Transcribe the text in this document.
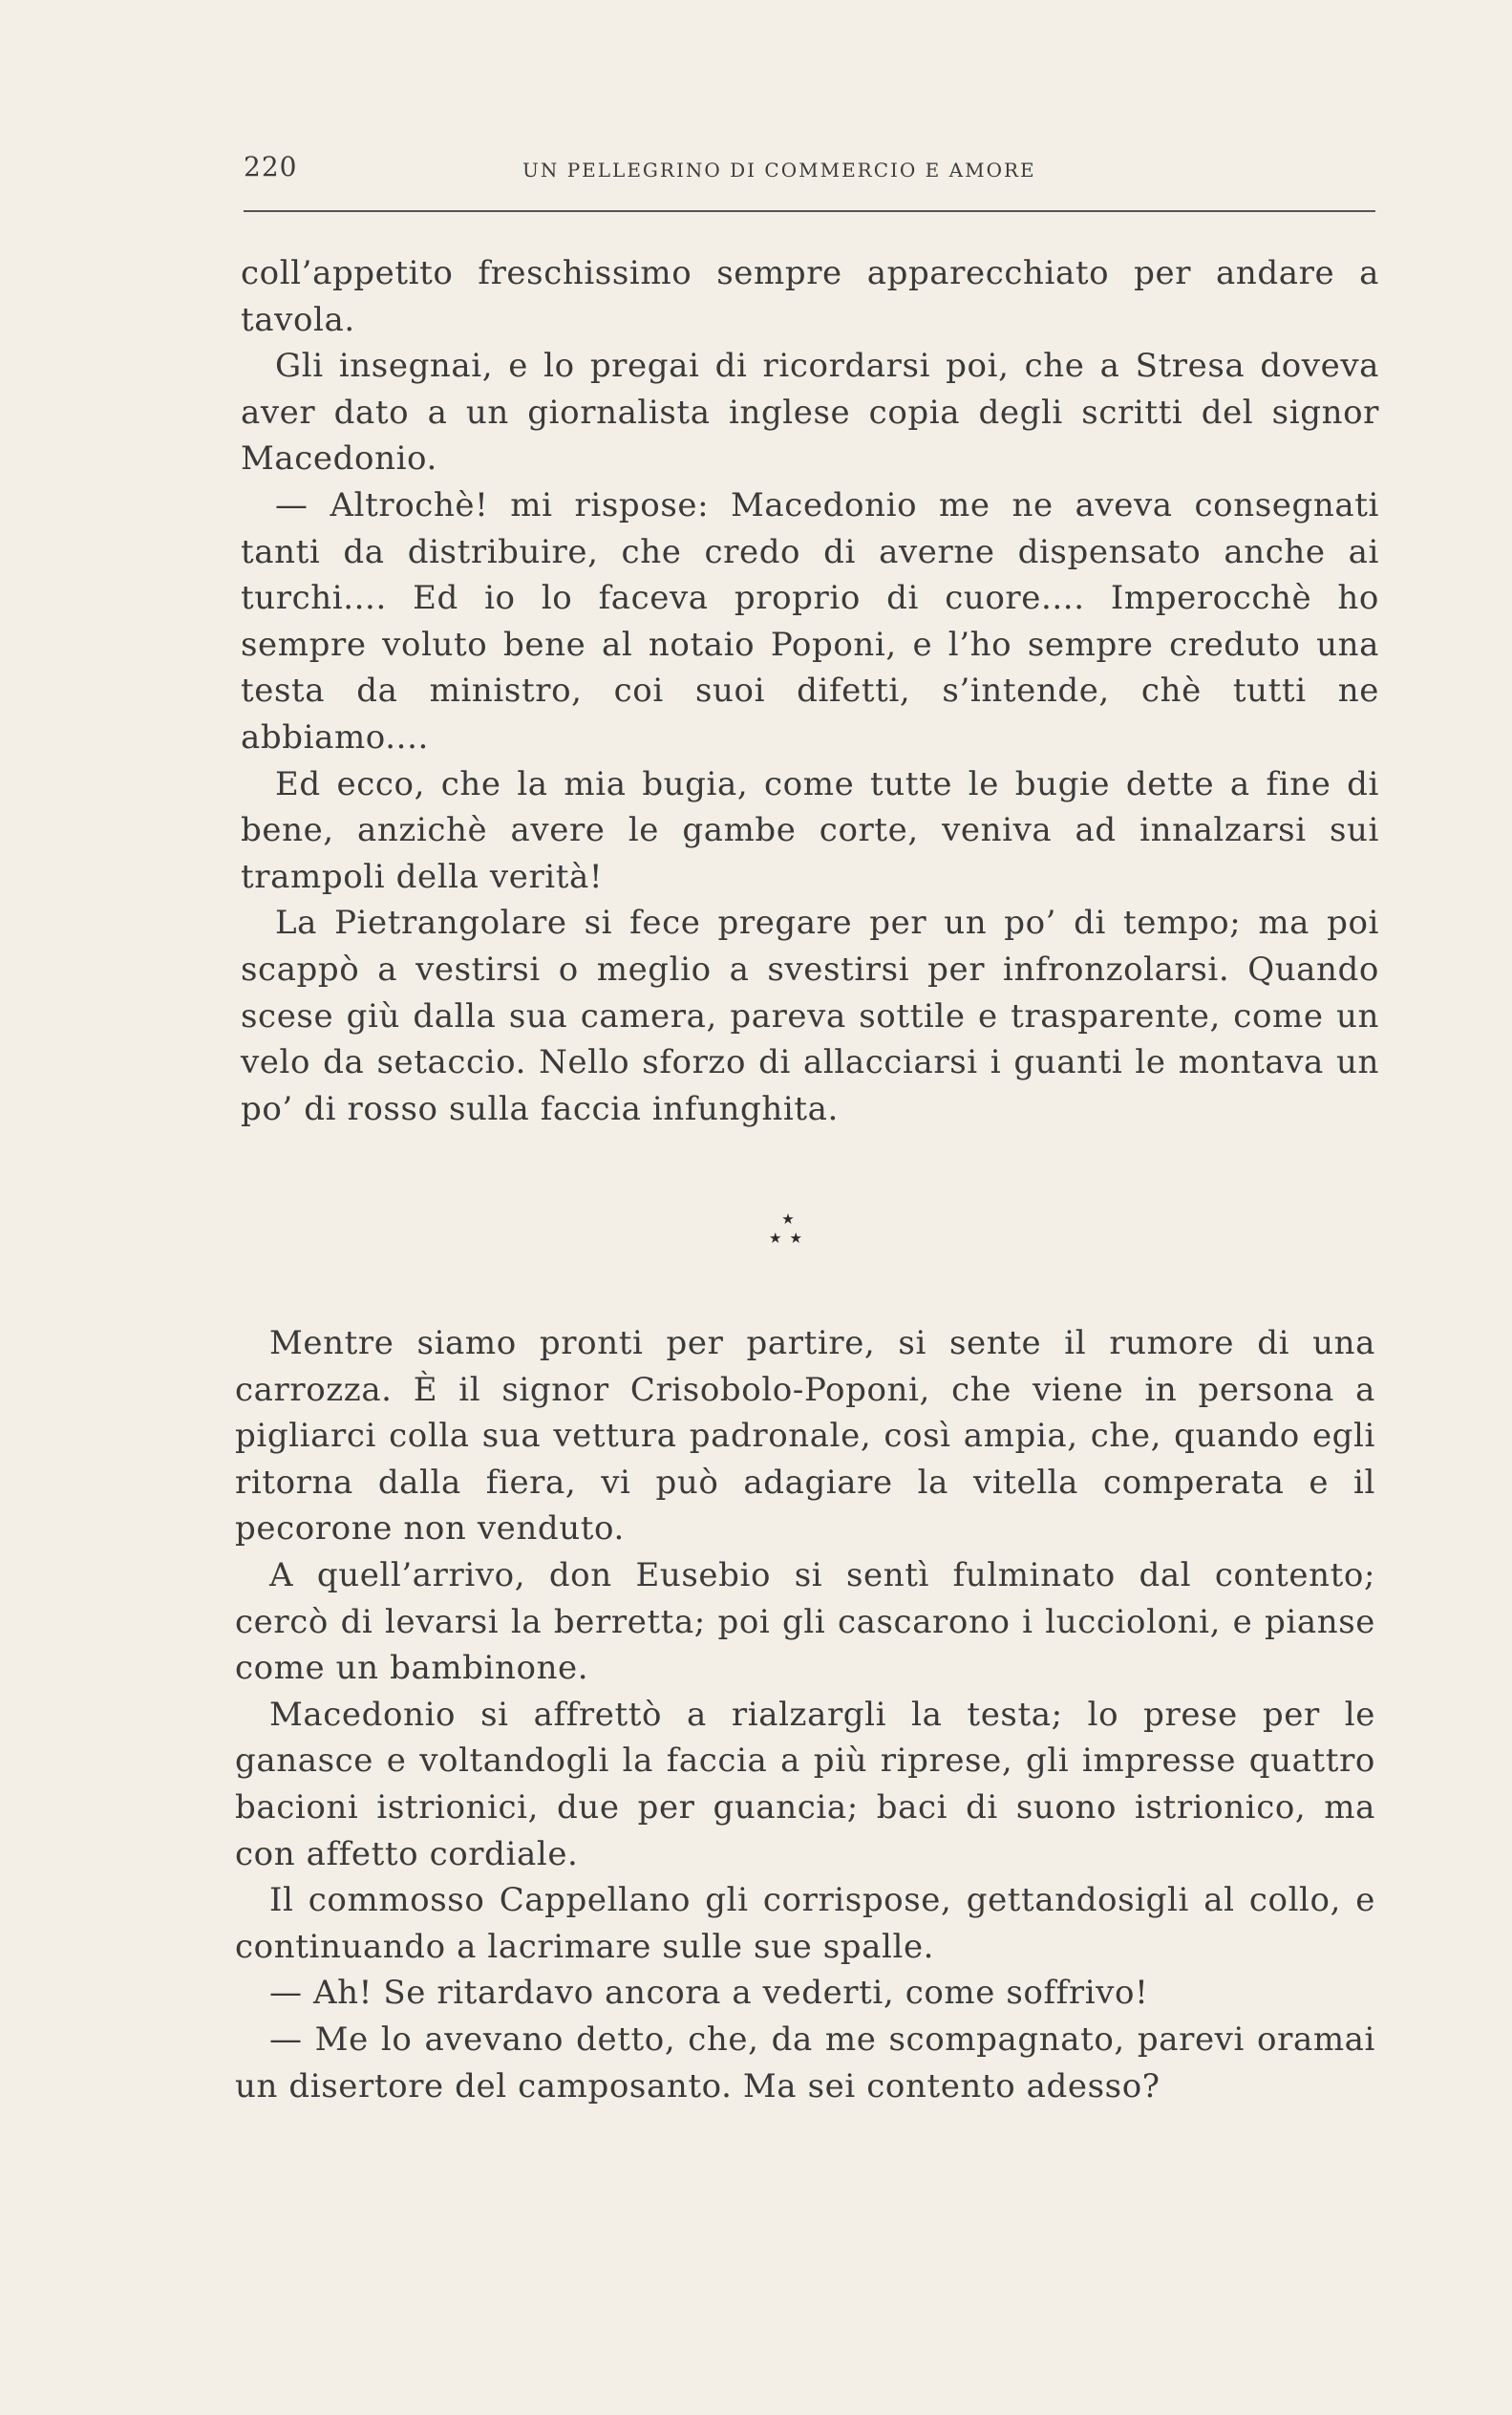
220	UN PELLEGRINO DI COMMERCIO E AMORE

coll’appetito freschissimo sempre apparecchiato per andare a tavola.

Gli insegnai, e lo pregai di ricordarsi poi, che a Stresa doveva aver dato a un giornalista inglese copia degli scritti del signor Macedonio.

— Altrochè! mi rispose: Macedonio me ne aveva consegnati tanti da distribuire, che credo di averne dispensato anche ai turchi.... Ed io lo faceva proprio di cuore.... Imperocchè ho sempre voluto bene al notaio Poponi, e l’ho sempre creduto una testa da ministro, coi suoi difetti, s’intende, chè tutti ne abbiamo....

Ed ecco, che la mia bugia, come tutte le bugie dette a fine di bene, anzichè avere le gambe corte, veniva ad innalzarsi sui trampoli della verità!

La Pietrangolare si fece pregare per un po’ di tempo; ma poi scappò a vestirsi o meglio a svestirsi per infronzolarsi. Quando scese giù dalla sua camera, pareva sottile e trasparente, come un velo da setaccio. Nello sforzo di allacciarsi i guanti le montava un po’ di rosso sulla faccia infunghita.

★
★★

Mentre siamo pronti per partire, si sente il rumore di una carrozza. È il signor Crisobolo-Poponi, che viene in persona a pigliarci colla sua vettura padronale, così ampia, che, quando egli ritorna dalla fiera, vi può adagiare la vitella comperata e il pecorone non venduto.

A quell’arrivo, don Eusebio si sentì fulminato dal contento; cercò di levarsi la berretta; poi gli cascarono i luccioloni, e pianse come un bambinone.

Macedonio si affrettò a rialzargli la testa; lo prese per le ganasce e voltandogli la faccia a più riprese, gli impresse quattro bacioni istrionici, due per guancia; baci di suono istrionico, ma con affetto cordiale.

Il commosso Cappellano gli corrispose, gettandosigli al collo, e continuando a lacrimare sulle sue spalle.

— Ah! Se ritardavo ancora a vederti, come soffrivo!

— Me lo avevano detto, che, da me scompagnato, parevi oramai un disertore del camposanto. Ma sei contento adesso?
